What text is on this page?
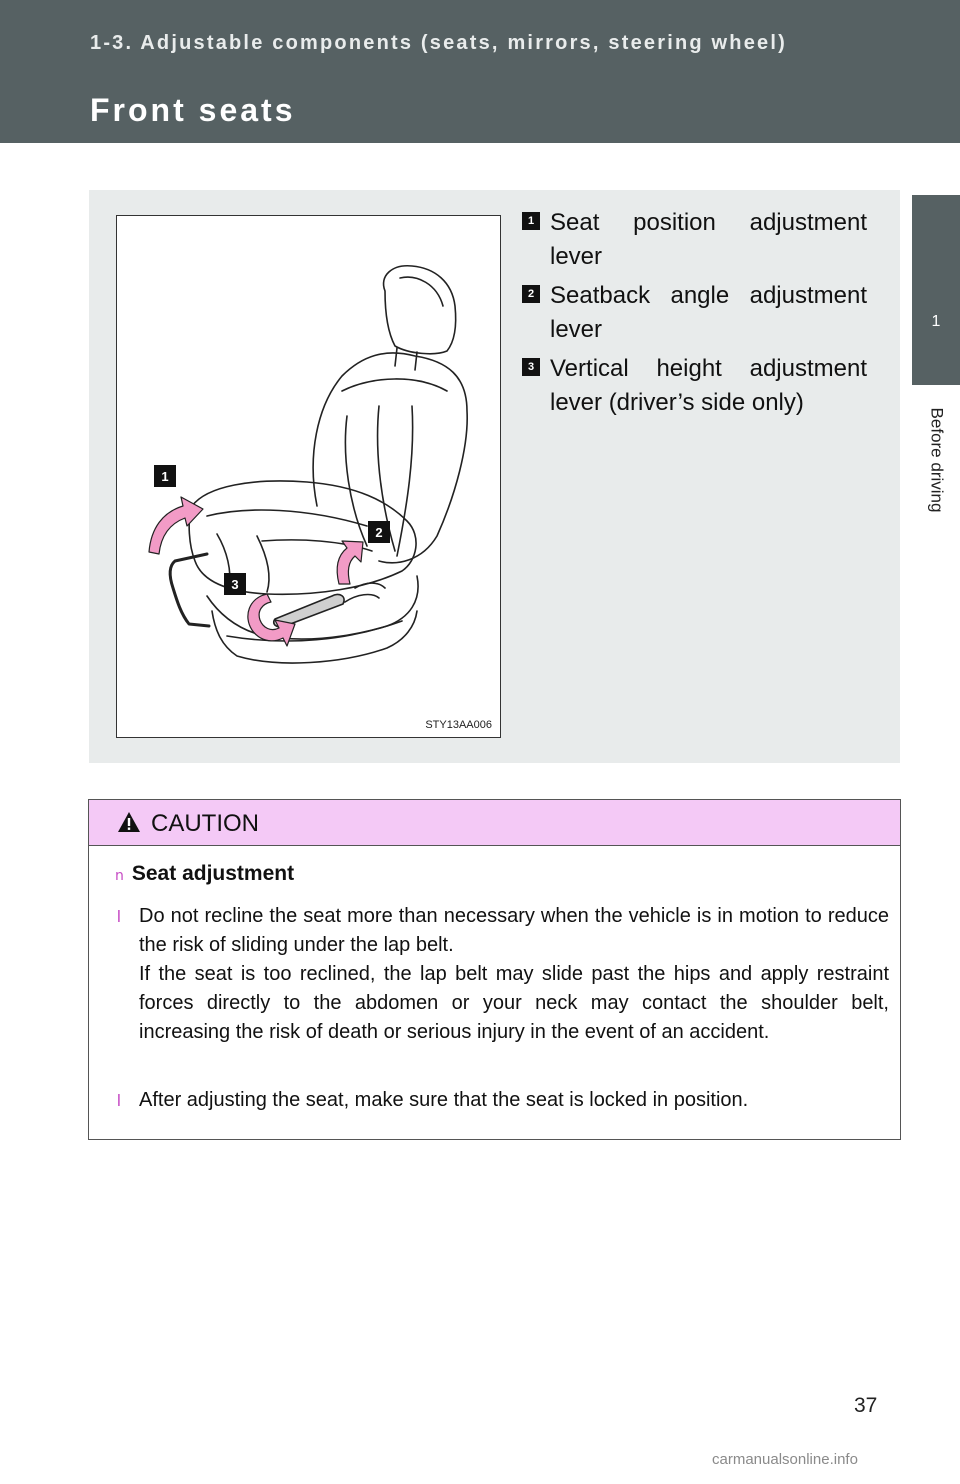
1-3. Adjustable components (seats, mirrors, steering wheel)
Front seats
1
Before driving
1
2
3
STY13AA006
1 Seat position adjustment lever
2 Seatback angle adjustment lever
3 Vertical height adjustment lever (driver’s side only)
CAUTION
n Seat adjustment
l Do not recline the seat more than necessary when the vehicle is in motion to reduce the risk of sliding under the lap belt.

If the seat is too reclined, the lap belt may slide past the hips and apply restraint forces directly to the abdomen or your neck may contact the shoulder belt, increasing the risk of death or serious injury in the event of an accident.

l After adjusting the seat, make sure that the seat is locked in position.

37
carmanualsonline.info
